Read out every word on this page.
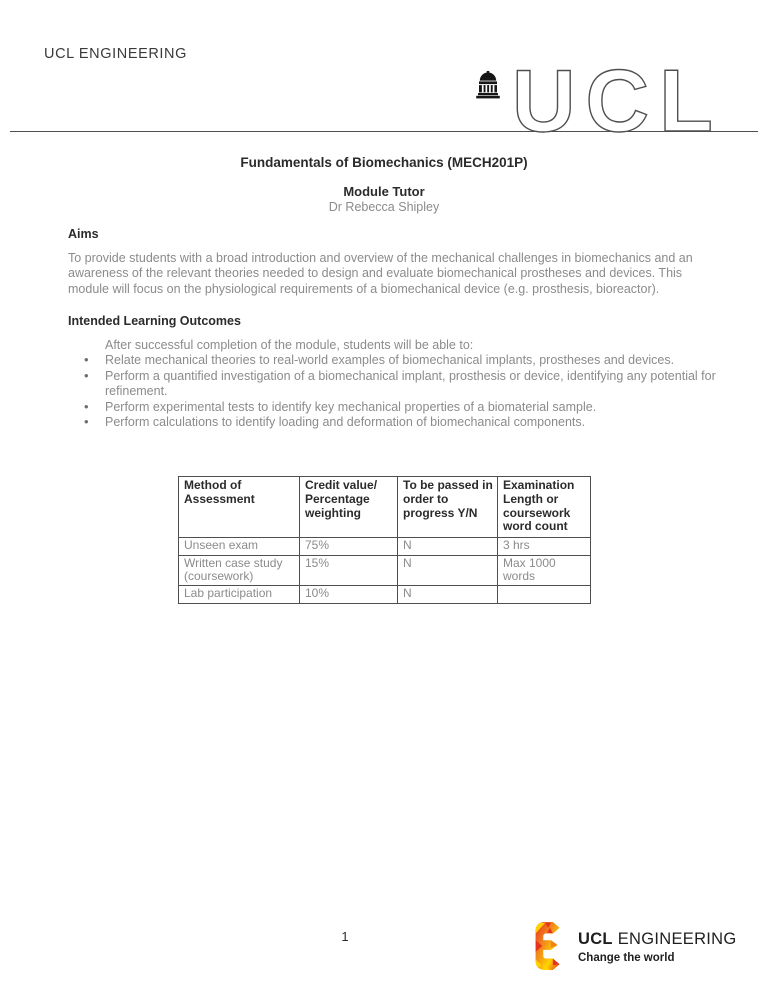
UCL ENGINEERING	UCL
Fundamentals of Biomechanics (MECH201P)
Module Tutor
Dr Rebecca Shipley
Aims
To provide students with a broad introduction and overview of the mechanical challenges in biomechanics and an
awareness of the relevant theories needed to design and evaluate biomechanical prostheses and devices. This
module will focus on the physiological requirements of a biomechanical device (e.g. prosthesis, bioreactor).
Intended Learning Outcomes
After successful completion of the module, students will be able to:
• Relate mechanical theories to real-world examples of biomechanical implants, prostheses and devices.
• Perform a quantified investigation of a biomechanical implant, prosthesis or device, identifying any potential for refinement.
• Perform experimental tests to identify key mechanical properties of a biomaterial sample.
• Perform calculations to identify loading and deformation of biomechanical components.
Method of Assessment	Credit value/ Percentage weighting	To be passed in order to progress Y/N	Examination Length or coursework word count
Unseen exam	75%	N	3 hrs
Written case study (coursework)	15%	N	Max 1000 words
Lab participation	10%	N	
1	UCL ENGINEERING
Change the world
